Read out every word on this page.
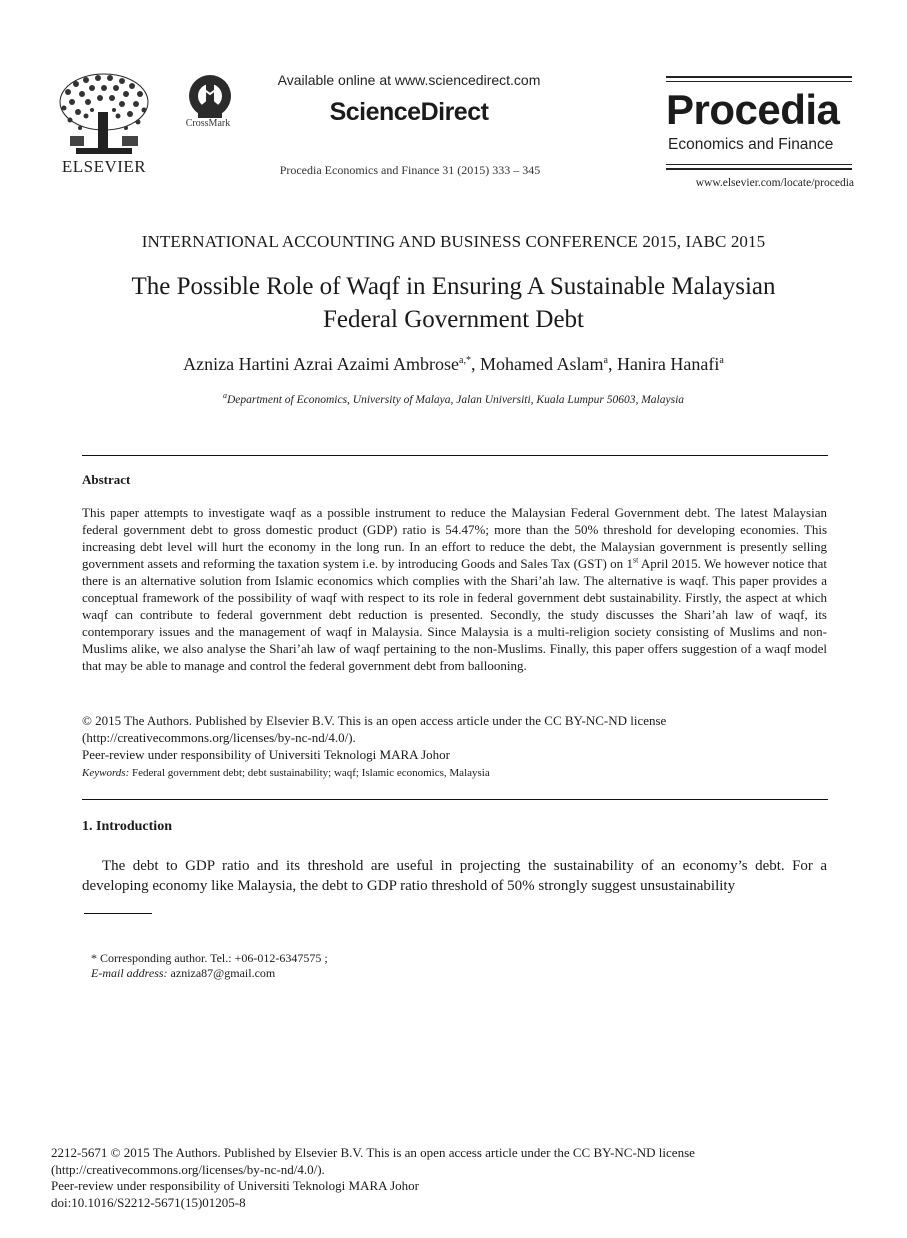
ELSEVIER
CrossMark
Available online at www.sciencedirect.com
ScienceDirect
Procedia Economics and Finance 31 (2015) 333 – 345
Procedia
Economics and Finance
www.elsevier.com/locate/procedia
INTERNATIONAL ACCOUNTING AND BUSINESS CONFERENCE 2015, IABC 2015
The Possible Role of Waqf in Ensuring A Sustainable Malaysian
Federal Government Debt
Azniza Hartini Azrai Azaimi Ambrose$^{a,*}$, Mohamed Aslam$^a$, Hanira Hanafi$^a$
$^a$Department of Economics, University of Malaya, Jalan Universiti, Kuala Lumpur 50603, Malaysia
Abstract
This paper attempts to investigate waqf as a possible instrument to reduce the Malaysian Federal Government debt. The latest Malaysian federal government debt to gross domestic product (GDP) ratio is 54.47%; more than the 50% threshold for developing economies. This increasing debt level will hurt the economy in the long run. In an effort to reduce the debt, the Malaysian government is presently selling government assets and reforming the taxation system i.e. by introducing Goods and Sales Tax (GST) on 1st April 2015. We however notice that there is an alternative solution from Islamic economics which complies with the Shari’ah law. The alternative is waqf. This paper provides a conceptual framework of the possibility of waqf with respect to its role in federal government debt sustainability. Firstly, the aspect at which waqf can contribute to federal government debt reduction is presented. Secondly, the study discusses the Shari’ah law of waqf, its contemporary issues and the management of waqf in Malaysia. Since Malaysia is a multi-religion society consisting of Muslims and non-Muslims alike, we also analyse the Shari’ah law of waqf pertaining to the non-Muslims. Finally, this paper offers suggestion of a waqf model that may be able to manage and control the federal government debt from ballooning.
© 2015 The Authors. Published by Elsevier B.V. This is an open access article under the CC BY-NC-ND license
(http://creativecommons.org/licenses/by-nc-nd/4.0/).
Peer-review under responsibility of Universiti Teknologi MARA Johor
Keywords: Federal government debt; debt sustainability; waqf; Islamic economics, Malaysia
1. Introduction
The debt to GDP ratio and its threshold are useful in projecting the sustainability of an economy’s debt. For a developing economy like Malaysia, the debt to GDP ratio threshold of 50% strongly suggest unsustainability
* Corresponding author. Tel.: +06-012-6347575 ;
E-mail address: azniza87@gmail.com
2212-5671 © 2015 The Authors. Published by Elsevier B.V. This is an open access article under the CC BY-NC-ND license
(http://creativecommons.org/licenses/by-nc-nd/4.0/).
Peer-review under responsibility of Universiti Teknologi MARA Johor
doi:10.1016/S2212-5671(15)01205-8
